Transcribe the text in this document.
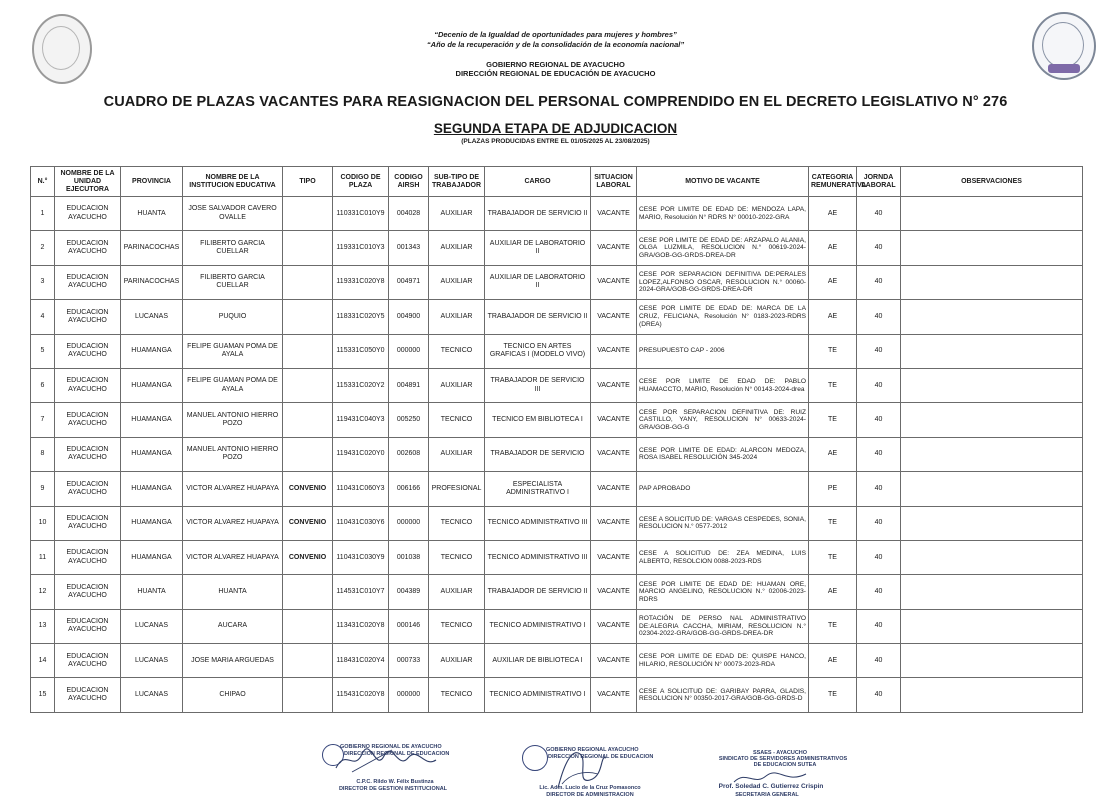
“Decenio de la Igualdad de oportunidades para mujeres y hombres”
“Año de la recuperación y de la consolidación de la economía nacional”
GOBIERNO REGIONAL DE AYACUCHO
DIRECCIÓN REGIONAL DE EDUCACIÓN DE AYACUCHO
CUADRO DE PLAZAS VACANTES PARA REASIGNACION DEL PERSONAL COMPRENDIDO EN EL DECRETO LEGISLATIVO N° 276
SEGUNDA ETAPA DE ADJUDICACION
(PLAZAS PRODUCIDAS ENTRE EL 01/05/2025 AL 23/08/2025)
N.°	NOMBRE DE LA UNIDAD EJECUTORA	PROVINCIA	NOMBRE DE LA INSTITUCION EDUCATIVA	TIPO	CODIGO DE PLAZA	CODIGO AIRSH	SUB-TIPO DE TRABAJADOR	CARGO	SITUACION LABORAL	MOTIVO DE VACANTE	CATEGORIA REMUNERATIVA	JORNDA LABORAL	OBSERVACIONES
1	EDUCACION AYACUCHO	HUANTA	JOSE SALVADOR CAVERO OVALLE		110331C010Y9	004028	AUXILIAR	TRABAJADOR DE SERVICIO II	VACANTE	CESE POR LIMITE DE EDAD DE: MENDOZA LAPA, MARIO, Resolución N° RDRS N° 00010-2022-GRA	AE	40	
2	EDUCACION AYACUCHO	PARINACOCHAS	FILIBERTO GARCIA CUELLAR		119331C010Y3	001343	AUXILIAR	AUXILIAR DE LABORATORIO II	VACANTE	CESE POR LIMITE DE EDAD DE: ARZAPALO ALANIA, OLGA LUZMILA, RESOLUCION N.° 00619-2024-GRA/GOB-GG-GRDS-DREA-DR	AE	40	
3	EDUCACION AYACUCHO	PARINACOCHAS	FILIBERTO GARCIA CUELLAR		119331C020Y8	004971	AUXILIAR	AUXILIAR DE LABORATORIO II	VACANTE	CESE POR SEPARACION DEFINITIVA DE:PERALES LOPEZ,ALFONSO OSCAR, RESOLUCION N.° 00060-2024-GRA/GOB-GG-GRDS-DREA-DR	AE	40	
4	EDUCACION AYACUCHO	LUCANAS	PUQUIO		118331C020Y5	004900	AUXILIAR	TRABAJADOR DE SERVICIO II	VACANTE	CESE POR LIMITE DE EDAD DE: MARCA DE LA CRUZ, FELICIANA, Resolución N° 0183-2023-RDRS (DREA)	AE	40	
5	EDUCACION AYACUCHO	HUAMANGA	FELIPE GUAMAN POMA DE AYALA		115331C050Y0	000000	TECNICO	TECNICO EN ARTES GRAFICAS I (MODELO VIVO)	VACANTE	PRESUPUESTO CAP - 2006	TE	40	
6	EDUCACION AYACUCHO	HUAMANGA	FELIPE GUAMAN POMA DE AYALA		115331C020Y2	004891	AUXILIAR	TRABAJADOR DE SERVICIO III	VACANTE	CESE POR LIMITE DE EDAD DE: PABLO HUAMACCTO, MARIO, Resolución N° 00143-2024-drea	TE	40	
7	EDUCACION AYACUCHO	HUAMANGA	MANUEL ANTONIO HIERRO POZO		119431C040Y3	005250	TECNICO	TECNICO EM BIBLIOTECA I	VACANTE	CESE POR SEPARACION DEFINITIVA DE: RUIZ CASTILLO, YANY, RESOLUCION N° 00633-2024-GRA/GOB-GG-G	TE	40	
8	EDUCACION AYACUCHO	HUAMANGA	MANUEL ANTONIO HIERRO POZO		119431C020Y0	002608	AUXILIAR	TRABAJADOR DE SERVICIO	VACANTE	CESE POR LIMITE DE EDAD: ALARCON MEDOZA, ROSA ISABEL RESOLUCIÓN 345-2024	AE	40	
9	EDUCACION AYACUCHO	HUAMANGA	VICTOR ALVAREZ HUAPAYA	CONVENIO	110431C060Y3	006166	PROFESIONAL	ESPECIALISTA ADMINISTRATIVO I	VACANTE	PAP APROBADO	PE	40	
10	EDUCACION AYACUCHO	HUAMANGA	VICTOR ALVAREZ HUAPAYA	CONVENIO	110431C030Y6	000000	TECNICO	TECNICO ADMINISTRATIVO III	VACANTE	CESE A SOLICITUD DE: VARGAS CESPEDES, SONIA, RESOLUCION N.° 0577-2012	TE	40	
11	EDUCACION AYACUCHO	HUAMANGA	VICTOR ALVAREZ HUAPAYA	CONVENIO	110431C030Y9	001038	TECNICO	TECNICO ADMINISTRATIVO III	VACANTE	CESE A SOLICITUD DE: ZEA MEDINA, LUIS ALBERTO, RESOLCION 0088-2023-RDS	TE	40	
12	EDUCACION AYACUCHO	HUANTA	HUANTA		114531C010Y7	004389	AUXILIAR	TRABAJADOR DE SERVICIO II	VACANTE	CESE POR LIMITE DE EDAD DE: HUAMAN ORE, MARCIO ANGELINO, RESOLUCION N.° 02006-2023-RDRS	AE	40	
13	EDUCACION AYACUCHO	LUCANAS	AUCARA		113431C020Y8	000146	TECNICO	TECNICO ADMINISTRATIVO I	VACANTE	ROTACIÓN DE PERSO NAL ADMINISTRATIVO DE:ALEGRIA CACCHA, MIRIAM, RESOLUCION N.° 02304-2022-GRA/GOB-GG-GRDS-DREA-DR	TE	40	
14	EDUCACION AYACUCHO	LUCANAS	JOSE MARIA ARGUEDAS		118431C020Y4	000733	AUXILIAR	AUXILIAR DE BIBLIOTECA I	VACANTE	CESE POR LIMITE DE EDAD DE: QUISPE HANCO, HILARIO, RESOLUCIÓN N° 00073-2023-RDA	AE	40	
15	EDUCACION AYACUCHO	LUCANAS	CHIPAO		115431C020Y8	000000	TECNICO	TECNICO ADMINISTRATIVO I	VACANTE	CESE A SOLICITUD DE: GARIBAY PARRA, GLADIS, RESOLUCION N° 00350-2017-GRA/GOB-GG-GRDS-D	TE	40	
GOBIERNO REGIONAL DE AYACUCHO
DIRECCION REGIONAL DE EDUCACION
C.P.C. Rildo W. Félix Bustinza
DIRECTOR DE GESTION INSTITUCIONAL
GOBIERNO REGIONAL AYACUCHO
DIRECCION REGIONAL DE EDUCACION
Lic. Adm. Lucio de la Cruz Pomasonco
DIRECTOR DE ADMINISTRACION
SSAES - AYACUCHO
SINDICATO DE SERVIDORES ADMINISTRATIVOS
DE EDUCACION SUTEA
Prof. Soledad C. Gutierrez Crispin
SECRETARIA GENERAL
